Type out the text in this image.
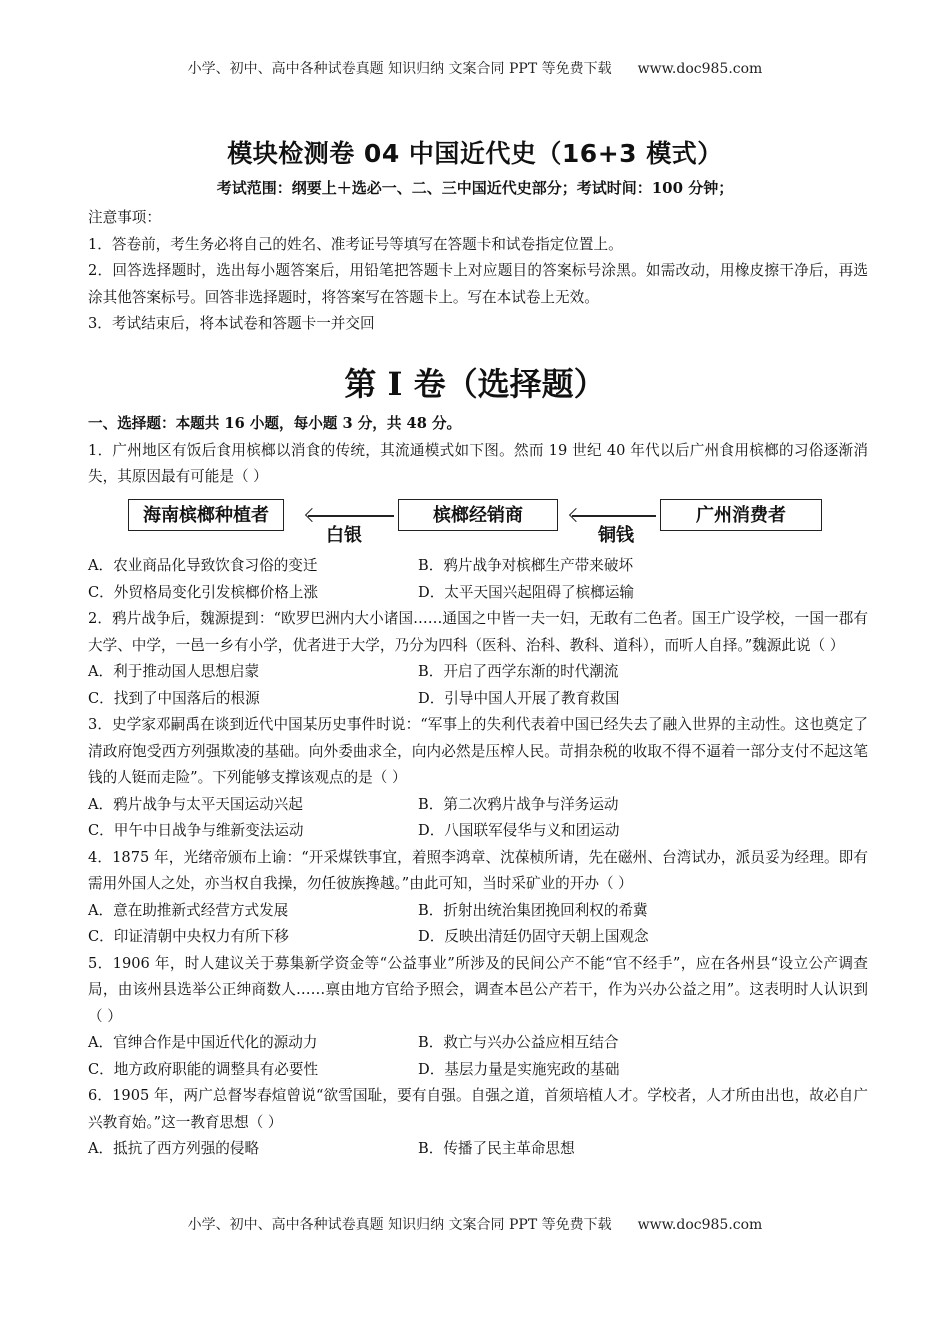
小学、初中、高中各种试卷真题 知识归纳 文案合同 PPT 等免费下载 www.doc985.com
模块检测卷 04 中国近代史（16+3 模式）
考试范围：纲要上＋选必一、二、三中国近代史部分；考试时间：100 分钟；
注意事项：
1．答卷前，考生务必将自己的姓名、准考证号等填写在答题卡和试卷指定位置上。
2．回答选择题时，选出每小题答案后，用铅笔把答题卡上对应题目的答案标号涂黑。如需改动，用橡皮擦干净后，再选涂其他答案标号。回答非选择题时，将答案写在答题卡上。写在本试卷上无效。
3．考试结束后，将本试卷和答题卡一并交回
第 I 卷（选择题）
一、选择题：本题共 16 小题，每小题 3 分，共 48 分。
1．广州地区有饭后食用槟榔以消食的传统，其流通模式如下图。然而 19 世纪 40 年代以后广州食用槟榔的习俗逐渐消失，其原因最有可能是（ ）
海南槟榔种植者
白银
槟榔经销商
铜钱
广州消费者
A．农业商品化导致饮食习俗的变迁	B．鸦片战争对槟榔生产带来破坏
C．外贸格局变化引发槟榔价格上涨	D．太平天国兴起阻碍了槟榔运输
2．鸦片战争后，魏源提到：“欧罗巴洲内大小诸国……通国之中皆一夫一妇，无敢有二色者。国王广设学校，一国一郡有大学、中学，一邑一乡有小学，优者进于大学，乃分为四科（医科、治科、教科、道科），而听人自择。”魏源此说（ ）
A．利于推动国人思想启蒙	B．开启了西学东渐的时代潮流
C．找到了中国落后的根源	D．引导中国人开展了教育救国
3．史学家邓嗣禹在谈到近代中国某历史事件时说：“军事上的失利代表着中国已经失去了融入世界的主动性。这也奠定了清政府饱受西方列强欺凌的基础。向外委曲求全，向内必然是压榨人民。苛捐杂税的收取不得不逼着一部分支付不起这笔钱的人铤而走险”。下列能够支撑该观点的是（ ）
A．鸦片战争与太平天国运动兴起	B．第二次鸦片战争与洋务运动
C．甲午中日战争与维新变法运动	D．八国联军侵华与义和团运动
4．1875 年，光绪帝颁布上谕：“开采煤铁事宜，着照李鸿章、沈葆桢所请，先在磁州、台湾试办，派员妥为经理。即有需用外国人之处，亦当权自我操，勿任彼族搀越。”由此可知，当时采矿业的开办（ ）
A．意在助推新式经营方式发展	B．折射出统治集团挽回利权的希冀
C．印证清朝中央权力有所下移	D．反映出清廷仍固守天朝上国观念
5．1906 年，时人建议关于募集新学资金等“公益事业”所涉及的民间公产不能“官不经手”，应在各州县“设立公产调查局，由该州县选举公正绅商数人……禀由地方官给予照会，调查本邑公产若干，作为兴办公益之用”。这表明时人认识到（ ）
A．官绅合作是中国近代化的源动力	B．救亡与兴办公益应相互结合
C．地方政府职能的调整具有必要性	D．基层力量是实施宪政的基础
6．1905 年，两广总督岑春煊曾说“欲雪国耻，要有自强。自强之道，首须培植人才。学校者，人才所由出也，故必自广兴教育始。”这一教育思想（ ）
A．抵抗了西方列强的侵略	B．传播了民主革命思想
小学、初中、高中各种试卷真题 知识归纳 文案合同 PPT 等免费下载 www.doc985.com
